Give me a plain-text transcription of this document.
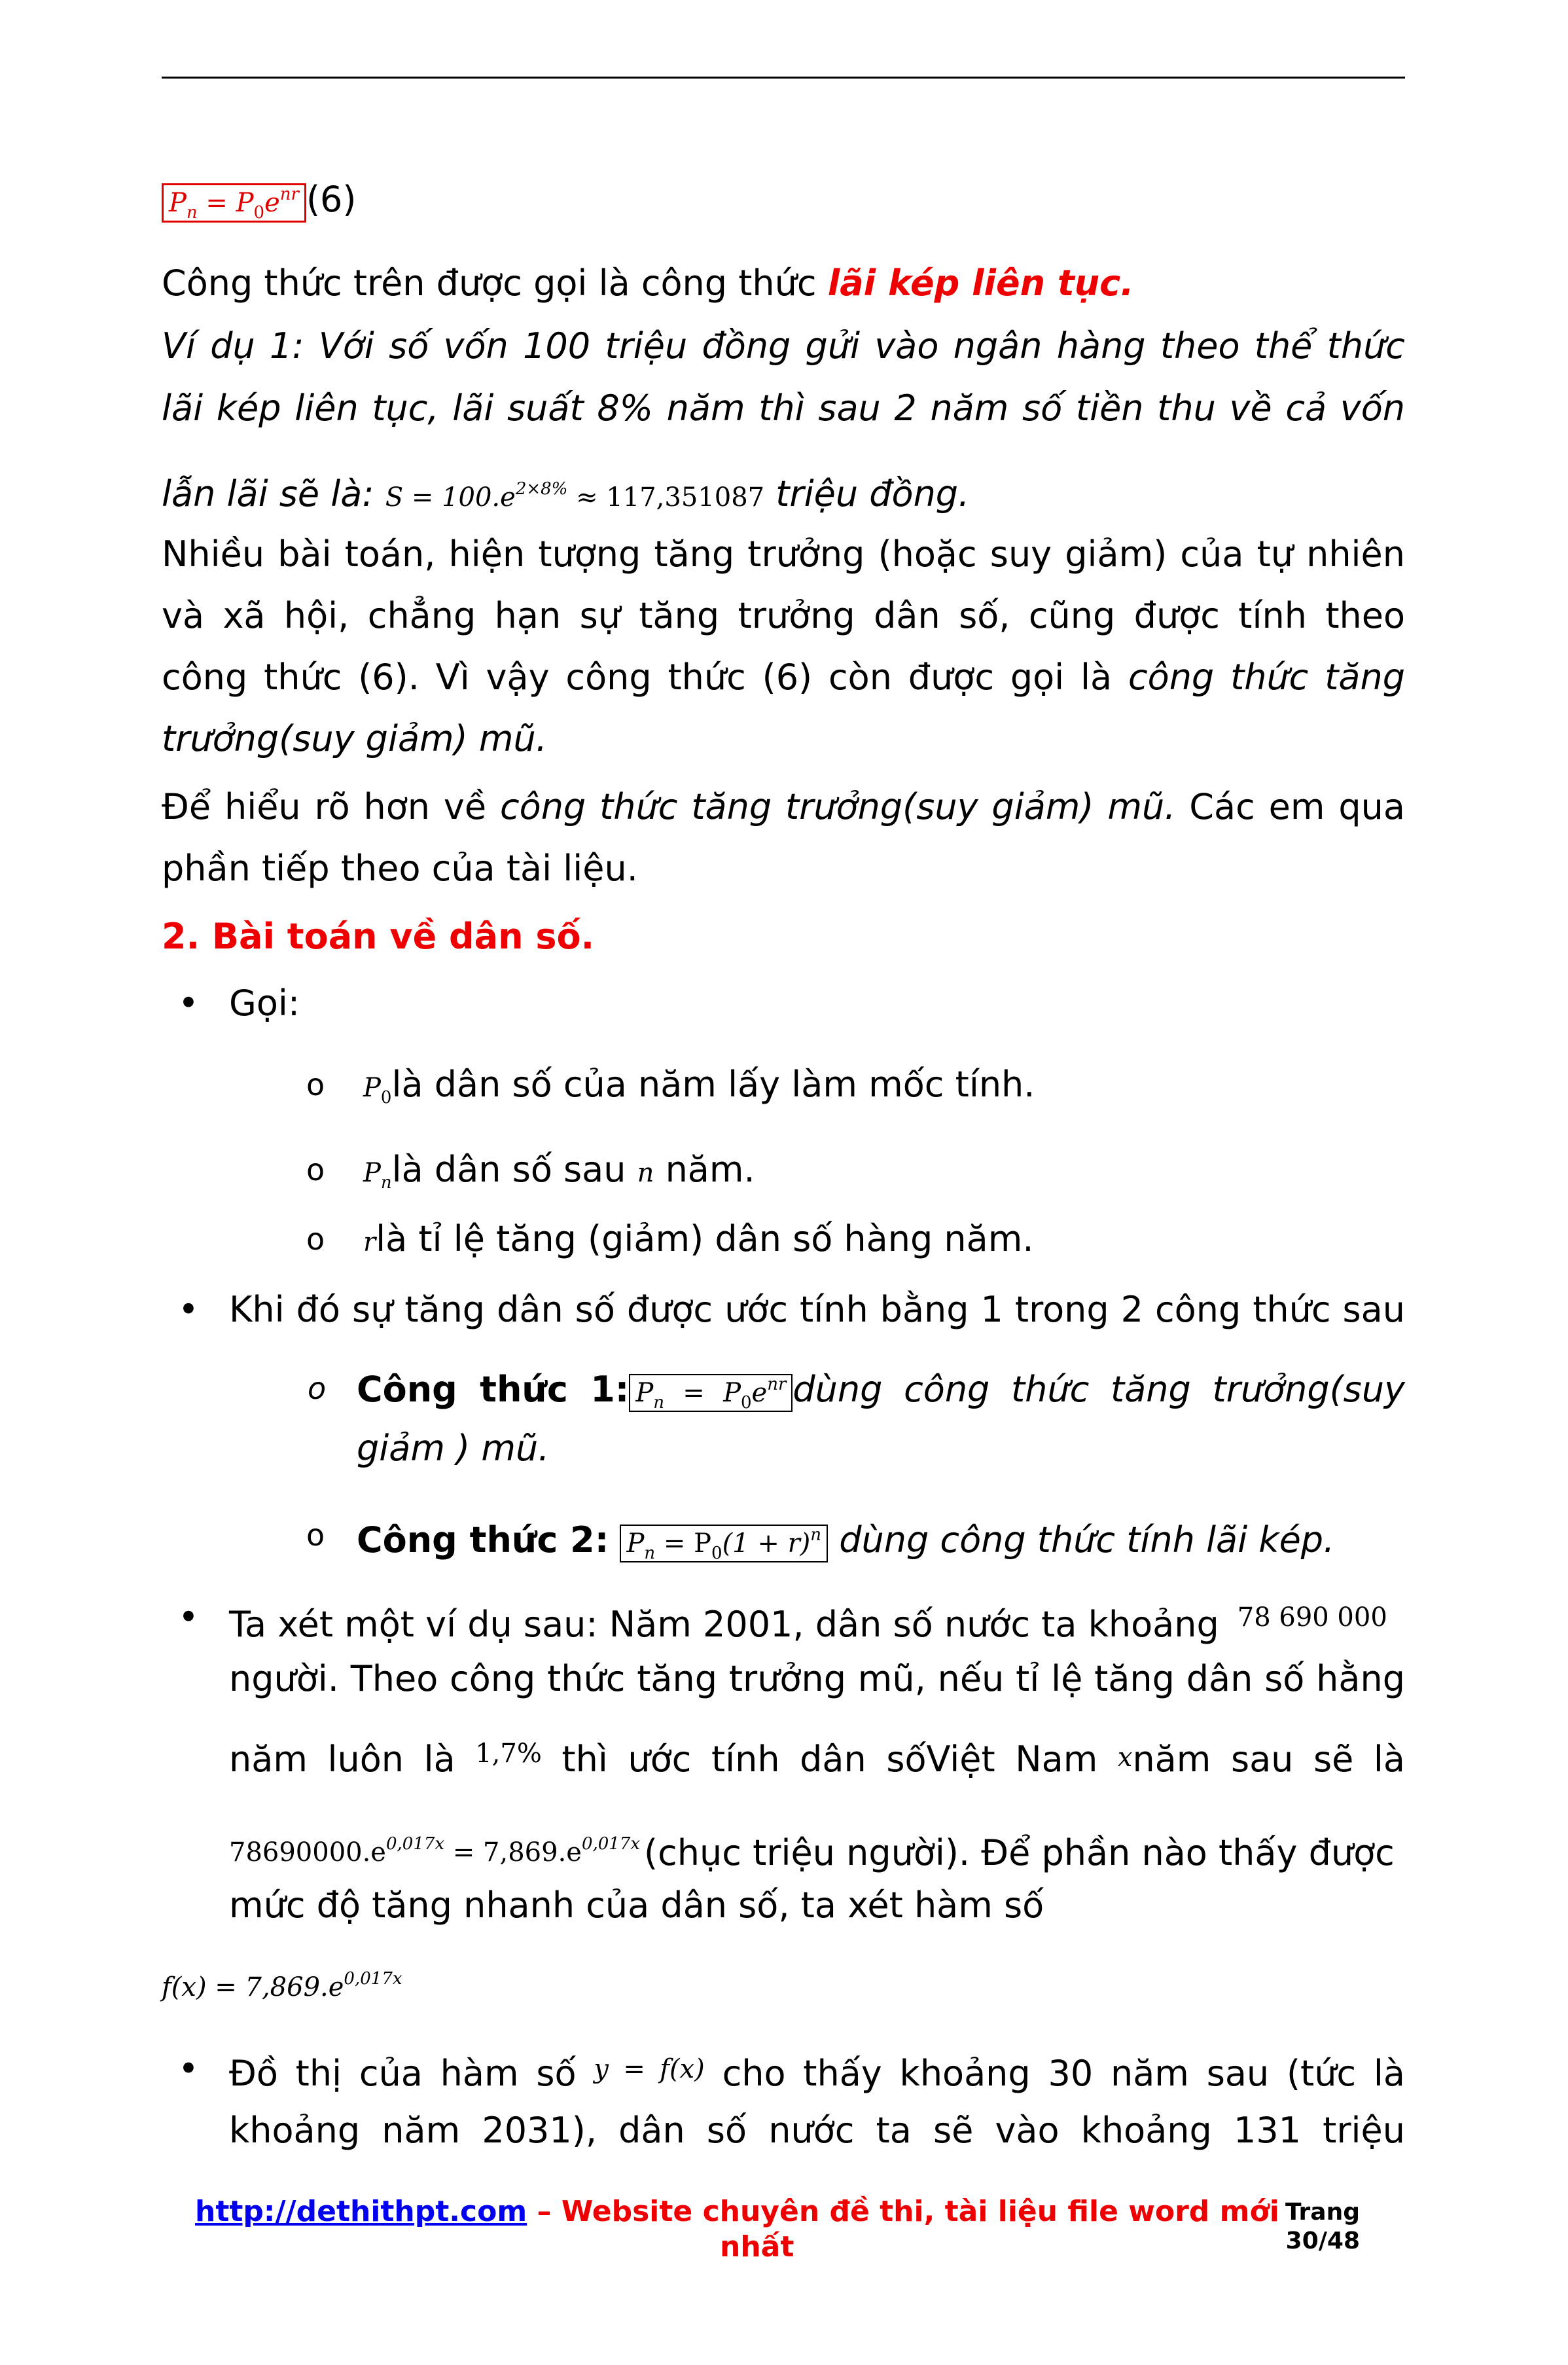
$P_n = P_0e^{nr}$ (6)
Công thức trên được gọi là công thức lãi kép liên tục.
Ví dụ 1: Với số vốn 100 triệu đồng gửi vào ngân hàng theo thể thức
lãi kép liên tục, lãi suất 8% năm thì sau 2 năm số tiền thu về cả vốn
lẫn lãi sẽ là: $S = 100.e^{2\times 8\%} \approx 117,351087$ triệu đồng.
Nhiều bài toán, hiện tượng tăng trưởng (hoặc suy giảm) của tự nhiên
và xã hội, chẳng hạn sự tăng trưởng dân số, cũng được tính theo
công thức (6). Vì vậy công thức (6) còn được gọi là công thức tăng
trưởng(suy giảm) mũ.
Để hiểu rõ hơn về công thức tăng trưởng(suy giảm) mũ. Các em qua
phần tiếp theo của tài liệu.
2. Bài toán về dân số.
• Gọi:
o $P_0là$ dân số của năm lấy làm mốc tính.
o $P_nlà$ dân số sau n năm.
o rlà tỉ lệ tăng (giảm) dân số hàng năm.
• Khi đó sự tăng dân số được ước tính bằng 1 trong 2 công thức sau
o Công thức 1: $P_n = P_0e^{nr}$ dùng công thức tăng trưởng(suy
giảm ) mũ.
o Công thức 2: $P_n = P_0(1 + r)^n$ dùng công thức tính lãi kép.
• Ta xét một ví dụ sau: Năm 2001, dân số nước ta khoảng $^{78 690 000}$
người. Theo công thức tăng trưởng mũ, nếu tỉ lệ tăng dân số hằng
năm luôn là $^{1,7\%}$ thì ước tính dân sốViệt Nam xnăm sau sẽ là
$78690000.e^{0,017x} = 7,869.e^{0,017x}$ (chục triệu người). Để phần nào thấy được
mức độ tăng nhanh của dân số, ta xét hàm số
$f(x) = 7,869.e^{0,017x}$
• Đồ thị của hàm số $^{y = f(x)}$ cho thấy khoảng 30 năm sau (tức là
khoảng năm 2031), dân số nước ta sẽ vào khoảng 131 triệu
http://dethithpt.com – Website chuyên đề thi, tài liệu file word mới
nhất
Trang
30/48
